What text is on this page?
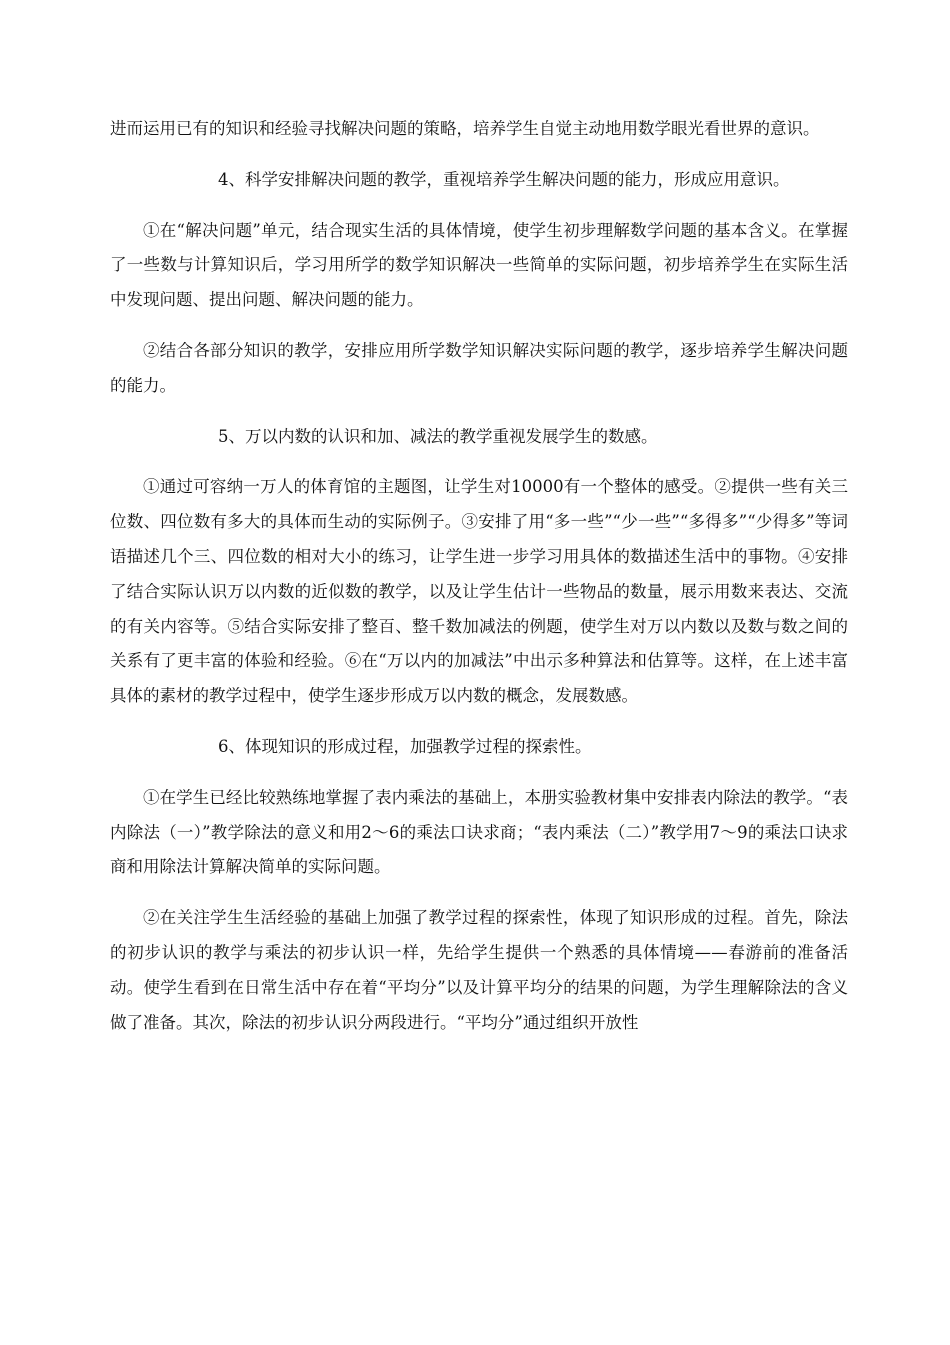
进而运用已有的知识和经验寻找解决问题的策略，培养学生自觉主动地用数学眼光看世界的意识。

4、科学安排解决问题的教学，重视培养学生解决问题的能力，形成应用意识。

①在“解决问题”单元，结合现实生活的具体情境，使学生初步理解数学问题的基本含义。在掌握了一些数与计算知识后，学习用所学的数学知识解决一些简单的实际问题，初步培养学生在实际生活中发现问题、提出问题、解决问题的能力。

②结合各部分知识的教学，安排应用所学数学知识解决实际问题的教学，逐步培养学生解决问题的能力。

5、万以内数的认识和加、减法的教学重视发展学生的数感。

①通过可容纳一万人的体育馆的主题图，让学生对10000有一个整体的感受。②提供一些有关三位数、四位数有多大的具体而生动的实际例子。③安排了用“多一些”“少一些”“多得多”“少得多”等词语描述几个三、四位数的相对大小的练习，让学生进一步学习用具体的数描述生活中的事物。④安排了结合实际认识万以内数的近似数的教学，以及让学生估计一些物品的数量，展示用数来表达、交流的有关内容等。⑤结合实际安排了整百、整千数加减法的例题，使学生对万以内数以及数与数之间的关系有了更丰富的体验和经验。⑥在“万以内的加减法”中出示多种算法和估算等。这样，在上述丰富具体的素材的教学过程中，使学生逐步形成万以内数的概念，发展数感。

6、体现知识的形成过程，加强教学过程的探索性。

①在学生已经比较熟练地掌握了表内乘法的基础上，本册实验教材集中安排表内除法的教学。“表内除法（一）”教学除法的意义和用2～6的乘法口诀求商；“表内乘法（二）”教学用7～9的乘法口诀求商和用除法计算解决简单的实际问题。

②在关注学生生活经验的基础上加强了教学过程的探索性，体现了知识形成的过程。首先，除法的初步认识的教学与乘法的初步认识一样，先给学生提供一个熟悉的具体情境——春游前的准备活动。使学生看到在日常生活中存在着“平均分”以及计算平均分的结果的问题，为学生理解除法的含义做了准备。其次，除法的初步认识分两段进行。“平均分”通过组织开放性
